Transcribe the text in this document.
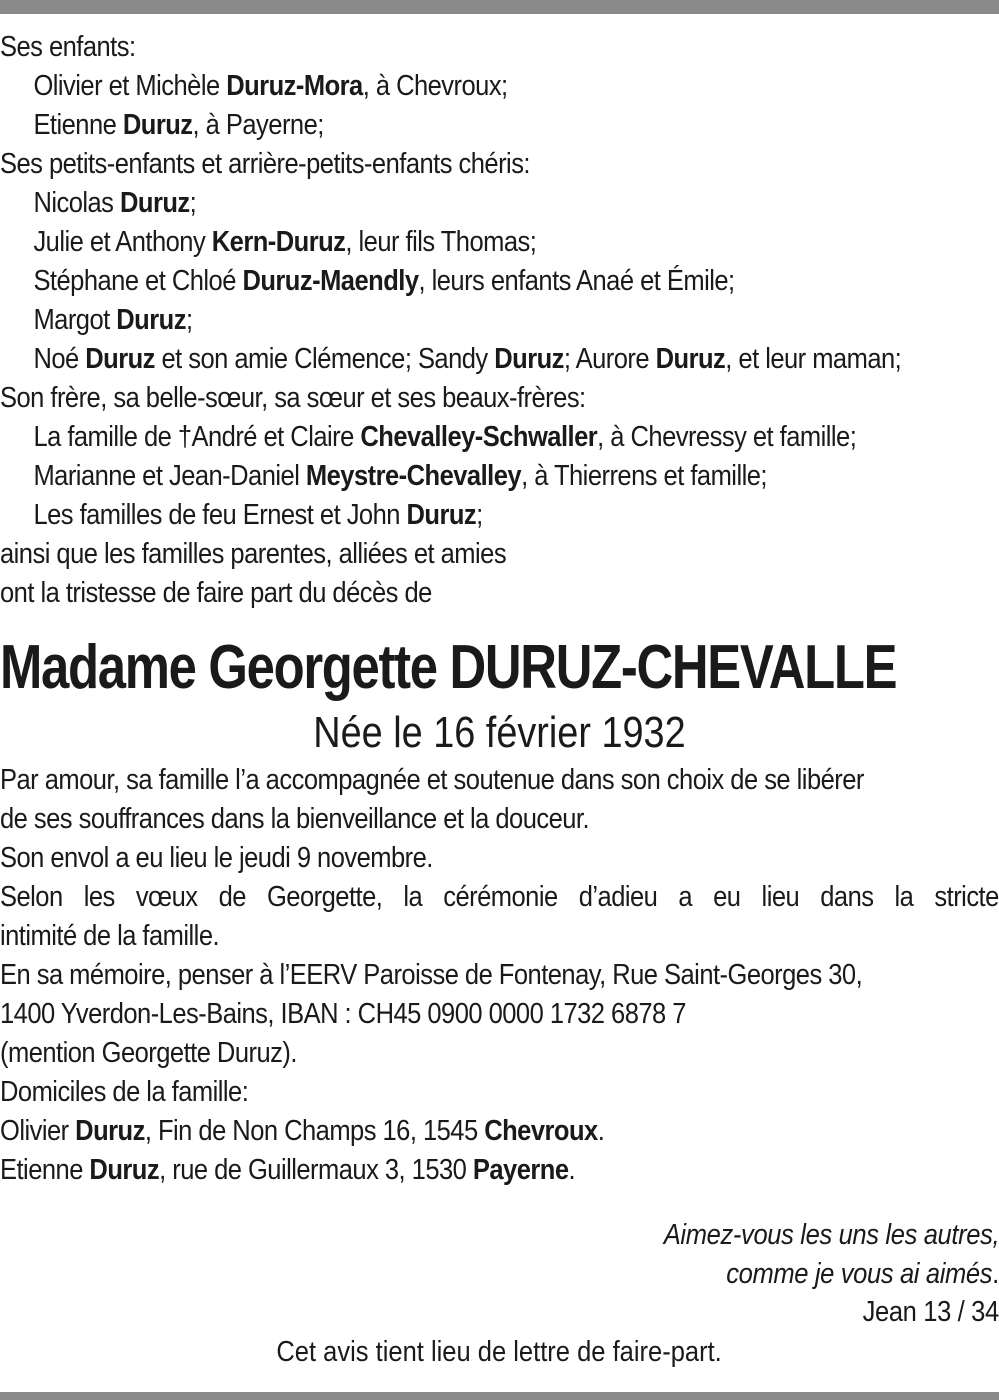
Ses enfants:
Olivier et Michèle Duruz-Mora, à Chevroux;
Etienne Duruz, à Payerne;
Ses petits-enfants et arrière-petits-enfants chéris:
Nicolas Duruz;
Julie et Anthony Kern-Duruz, leur fils Thomas;
Stéphane et Chloé Duruz-Maendly, leurs enfants Anaé et Émile;
Margot Duruz;
Noé Duruz et son amie Clémence; Sandy Duruz; Aurore Duruz, et leur maman;
Son frère, sa belle-sœur, sa sœur et ses beaux-frères:
La famille de †André et Claire Chevalley-Schwaller, à Chevressy et famille;
Marianne et Jean-Daniel Meystre-Chevalley, à Thierrens et famille;
Les familles de feu Ernest et John Duruz;
ainsi que les familles parentes, alliées et amies
ont la tristesse de faire part du décès de
Madame Georgette DURUZ-CHEVALLE
Née le 16 février 1932

Par amour, sa famille l’a accompagnée et soutenue dans son choix de se libérer

de ses souffrances dans la bienveillance et la douceur.

Son envol a eu lieu le jeudi 9 novembre.

Selon les vœux de Georgette, la cérémonie d’adieu a eu lieu dans la stricte

intimité de la famille.

En sa mémoire, penser à l’EERV Paroisse de Fontenay, Rue Saint-Georges 30,

1400 Yverdon-Les-Bains, IBAN : CH45 0900 0000 1732 6878 7

(mention Georgette Duruz).

Domiciles de la famille:

Olivier Duruz, Fin de Non Champs 16, 1545 Chevroux.

Etienne Duruz, rue de Guillermaux 3, 1530 Payerne.

Aimez-vous les uns les autres,
comme je vous ai aimés.
Jean 13 / 34
Cet avis tient lieu de lettre de faire-part.
